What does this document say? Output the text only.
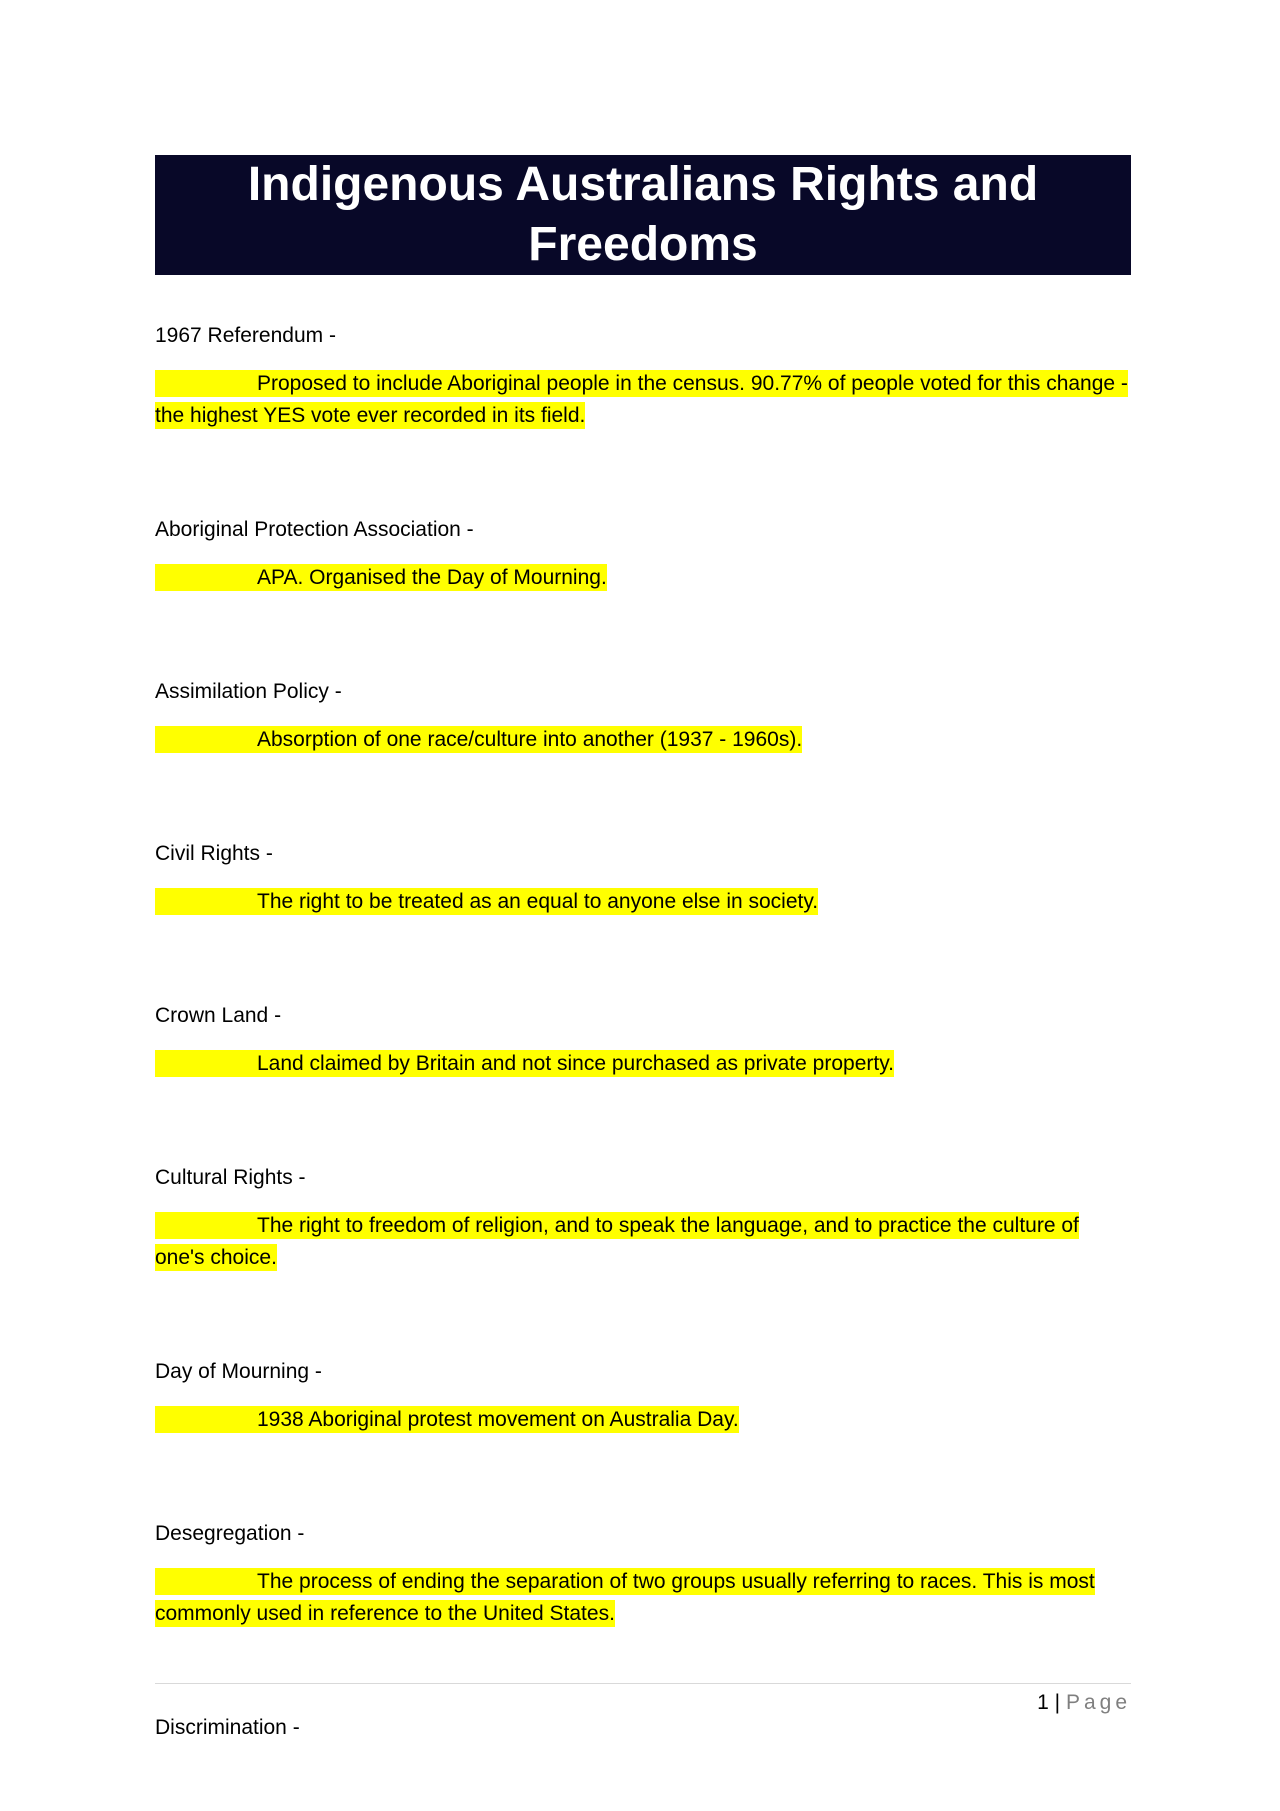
Indigenous Australians Rights and Freedoms

1967 Referendum -

Proposed to include Aboriginal people in the census. 90.77% of people voted for this change - the highest YES vote ever recorded in its field.

Aboriginal Protection Association -

APA. Organised the Day of Mourning.

Assimilation Policy -

Absorption of one race/culture into another (1937 - 1960s).

Civil Rights -

The right to be treated as an equal to anyone else in society.

Crown Land -

Land claimed by Britain and not since purchased as private property.

Cultural Rights -

The right to freedom of religion, and to speak the language, and to practice the culture of one's choice.

Day of Mourning -

1938 Aboriginal protest movement on Australia Day.

Desegregation -

The process of ending the separation of two groups usually referring to races. This is most commonly used in reference to the United States.

Discrimination -

1 | Page
